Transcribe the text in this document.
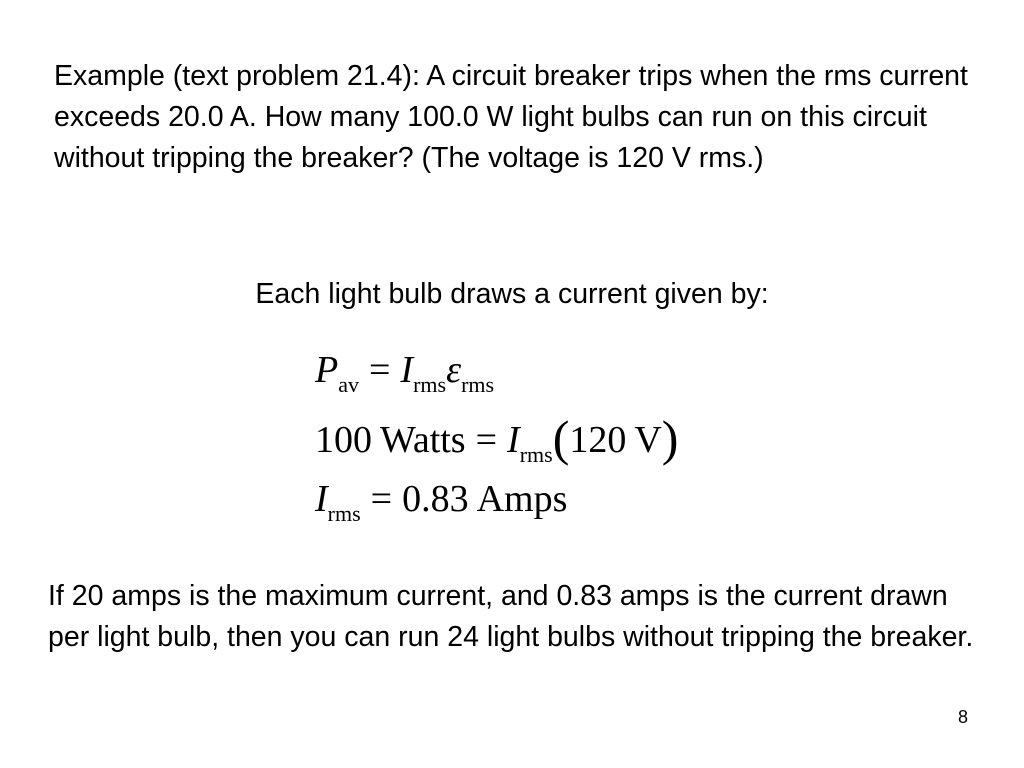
Example (text problem 21.4): A circuit breaker trips when the rms current exceeds 20.0 A. How many 100.0 W light bulbs can run on this circuit without tripping the breaker? (The voltage is 120 V rms.)

Each light bulb draws a current given by:

$P_{av} = I_{rms}\varepsilon_{rms}$
100 Watts = $I_{rms}(120$ V)
$I_{rms} = 0.83$ Amps

If 20 amps is the maximum current, and 0.83 amps is the current drawn per light bulb, then you can run 24 light bulbs without tripping the breaker.

8
